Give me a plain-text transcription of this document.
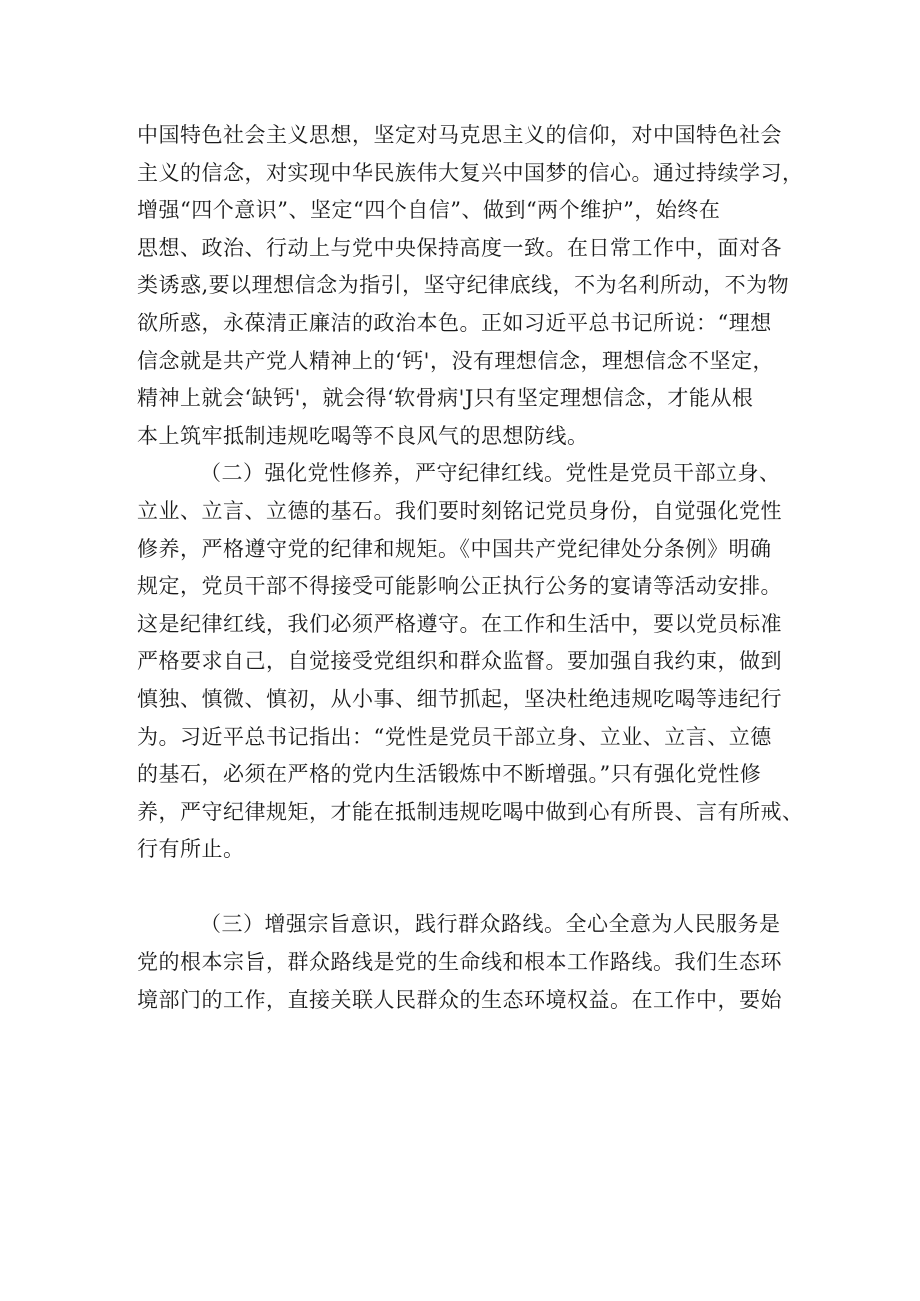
中国特色社会主义思想，坚定对马克思主义的信仰，对中国特色社会
主义的信念，对实现中华民族伟大复兴中国梦的信心。通过持续学习，
增强“四个意识”、坚定“四个自信”、做到“两个维护”，始终在
思想、政治、行动上与党中央保持高度一致。在日常工作中，面对各
类诱惑,要以理想信念为指引，坚守纪律底线，不为名利所动，不为物
欲所惑，永葆清正廉洁的政治本色。正如习近平总书记所说：“理想
信念就是共产党人精神上的‘钙'，没有理想信念，理想信念不坚定，
精神上就会‘缺钙'，就会得‘软骨病'J只有坚定理想信念，才能从根
本上筑牢抵制违规吃喝等不良风气的思想防线。
（二）强化党性修养，严守纪律红线。党性是党员干部立身、
立业、立言、立德的基石。我们要时刻铭记党员身份，自觉强化党性
修养，严格遵守党的纪律和规矩。《中国共产党纪律处分条例》明确
规定，党员干部不得接受可能影响公正执行公务的宴请等活动安排。
这是纪律红线，我们必须严格遵守。在工作和生活中，要以党员标准
严格要求自己，自觉接受党组织和群众监督。要加强自我约束，做到
慎独、慎微、慎初，从小事、细节抓起，坚决杜绝违规吃喝等违纪行
为。习近平总书记指出：“党性是党员干部立身、立业、立言、立德
的基石，必须在严格的党内生活锻炼中不断增强。”只有强化党性修
养，严守纪律规矩，才能在抵制违规吃喝中做到心有所畏、言有所戒、
行有所止。
（三）增强宗旨意识，践行群众路线。全心全意为人民服务是
党的根本宗旨，群众路线是党的生命线和根本工作路线。我们生态环
境部门的工作，直接关联人民群众的生态环境权益。在工作中，要始
